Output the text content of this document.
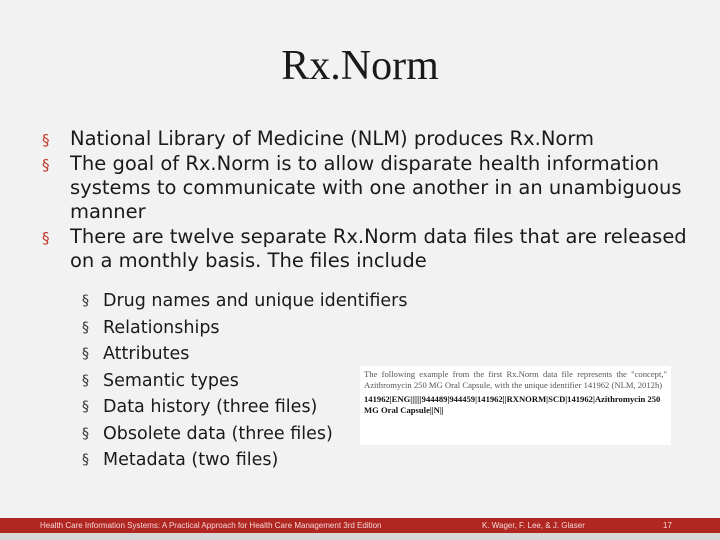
Rx.Norm
§ National Library of Medicine (NLM) produces Rx.Norm
§ The goal of Rx.Norm is to allow disparate health information systems to communicate with one another in an unambiguous manner
§ There are twelve separate Rx.Norm data files that are released on a monthly basis. The files include
§ Drug names and unique identifiers
§ Relationships
§ Attributes
§ Semantic types
§ Data history (three files)
§ Obsolete data (three files)
§ Metadata (two files)
The following example from the first Rx.Norm data file represents the "concept," Azithromycin 250 MG Oral Capsule, with the unique identifier 141962 (NLM, 2012h)
141962|ENG||||||944489|944459|141962||RXNORM|SCD|141962|Azithromycin 250 MG Oral Capsule||N||
Health Care Information Systems: A Practical Approach for Health Care Management 3rd Edition	K. Wager, F. Lee, & J. Glaser	17
